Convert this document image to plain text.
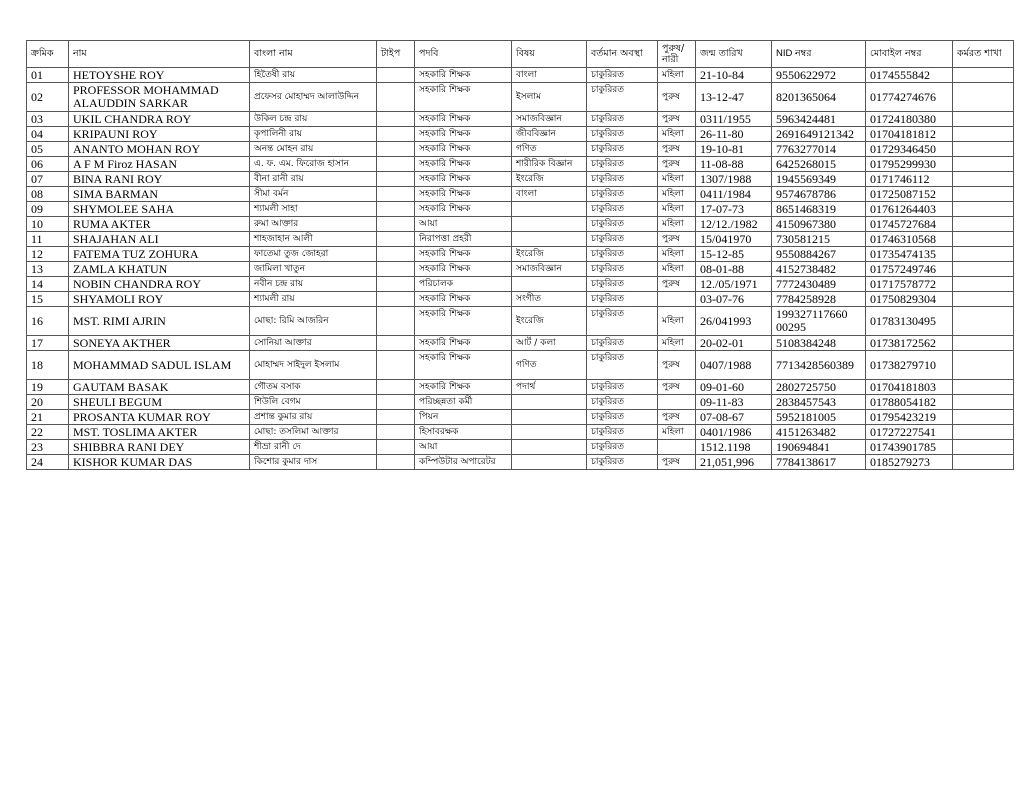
ক্রমিক	নাম	বাংলা নাম	টাইপ	পদবি	বিষয়	বর্তমান অবস্থা	পুরুষ/ নারী	জন্ম তারিখ	NID নম্বর	মোবাইল নম্বর	কর্মরত শাখা
01	HETOYSHE ROY	হিতৈষী রায়		সহকারি শিক্ষক	বাংলা	চাকুরিরত	মহিলা	21-10-84	9550622972	0174555842	
02	PROFESSOR MOHAMMAD ALAUDDIN SARKAR	প্রফেসর মোহাম্মদ আলাউদ্দিন		সহকারি শিক্ষক	ইসলাম	চাকুরিরত	পুরুষ	13-12-47	8201365064	01774274676	
03	UKIL CHANDRA ROY	উকিল চন্দ্র রায়		সহকারি শিক্ষক	সমাজবিজ্ঞান	চাকুরিরত	পুরুষ	0311/1955	5963424481	01724180380	
04	KRIPAUNI ROY	কৃপালিনী রায়		সহকারি শিক্ষক	জীববিজ্ঞান	চাকুরিরত	মহিলা	26-11-80	2691649121342	01704181812	
05	ANANTO MOHAN ROY	অনন্ত মোহন রায়		সহকারি শিক্ষক	গণিত	চাকুরিরত	পুরুষ	19-10-81	7763277014	01729346450	
06	A F M Firoz HASAN	এ. ফ. এম. ফিরোজ হাসান		সহকারি শিক্ষক	শারীরিক বিজ্ঞান	চাকুরিরত	পুরুষ	11-08-88	6425268015	01795299930	
07	BINA RANI ROY	বীনা রানী রায়		সহকারি শিক্ষক	ইংরেজি	চাকুরিরত	মহিলা	1307/1988	1945569349	0171746112	
08	SIMA BARMAN	সীমা বর্মন		সহকারি শিক্ষক	বাংলা	চাকুরিরত	মহিলা	0411/1984	9574678786	01725087152	
09	SHYMOLEE SAHA	শ্যামলী সাহা		সহকারি শিক্ষক		চাকুরিরত	মহিলা	17-07-73	8651468319	01761264403	
10	RUMA AKTER	রুমা আক্তার		আয়া		চাকুরিরত	মহিলা	12/12./1982	4150967380	01745727684	
11	SHAJAHAN ALI	শাহজাহান আলী		নিরাপত্তা প্রহরী		চাকুরিরত	পুরুষ	15/041970	730581215	01746310568	
12	FATEMA TUZ ZOHURA	ফাতেমা তুজ জোহরা		সহকারি শিক্ষক	ইংরেজি	চাকুরিরত	মহিলা	15-12-85	9550884267	01735474135	
13	ZAMLA KHATUN	জামিলা খাতুন		সহকারি শিক্ষক	সমাজবিজ্ঞান	চাকুরিরত	মহিলা	08-01-88	4152738482	01757249746	
14	NOBIN CHANDRA ROY	নবীন চন্দ্র রায়		পরিচালক		চাকুরিরত	পুরুষ	12./05/1971	7772430489	01717578772	
15	SHYAMOLI ROY	শ্যামলী রায়		সহকারি শিক্ষক	সংগীত	চাকুরিরত		03-07-76	7784258928	01750829304	
16	MST. RIMI AJRIN	মোছা: রিমি আজরিন		সহকারি শিক্ষক	ইংরেজি	চাকুরিরত	মহিলা	26/041993	199327117660 00295	01783130495	
17	SONEYA AKTHER	সোনিয়া আক্তার		সহকারি শিক্ষক	আর্ট / কলা	চাকুরিরত	মহিলা	20-02-01	5108384248	01738172562	
18	MOHAMMAD SADUL ISLAM	মোহাম্মদ সাইদুল ইসলাম		সহকারি শিক্ষক	গণিত	চাকুরিরত	পুরুষ	0407/1988	7713428560389	01738279710	
19	GAUTAM BASAK	গৌতম বসাক		সহকারি শিক্ষক	পদার্থ	চাকুরিরত	পুরুষ	09-01-60	2802725750	01704181803	
20	SHEULI BEGUM	শিউলি বেগম		পরিচ্ছন্নতা কর্মী		চাকুরিরত		09-11-83	2838457543	01788054182	
21	PROSANTA KUMAR ROY	প্রশান্ত কুমার রায়		পিয়ন		চাকুরিরত	পুরুষ	07-08-67	5952181005	01795423219	
22	MST. TOSLIMA AKTER	মোছা: তসলিমা আক্তার		হিসাবরক্ষক		চাকুরিরত	মহিলা	0401/1986	4151263482	01727227541	
23	SHIBBRA RANI DEY	শীভ্রা রানী দে		আয়া		চাকুরিরত		1512.1198	190694841	01743901785	
24	KISHOR KUMAR DAS	কিশোর কুমার দাস		কম্পিউটার অপারেটর		চাকুরিরত	পুরুষ	21,051,996	7784138617	0185279273	
